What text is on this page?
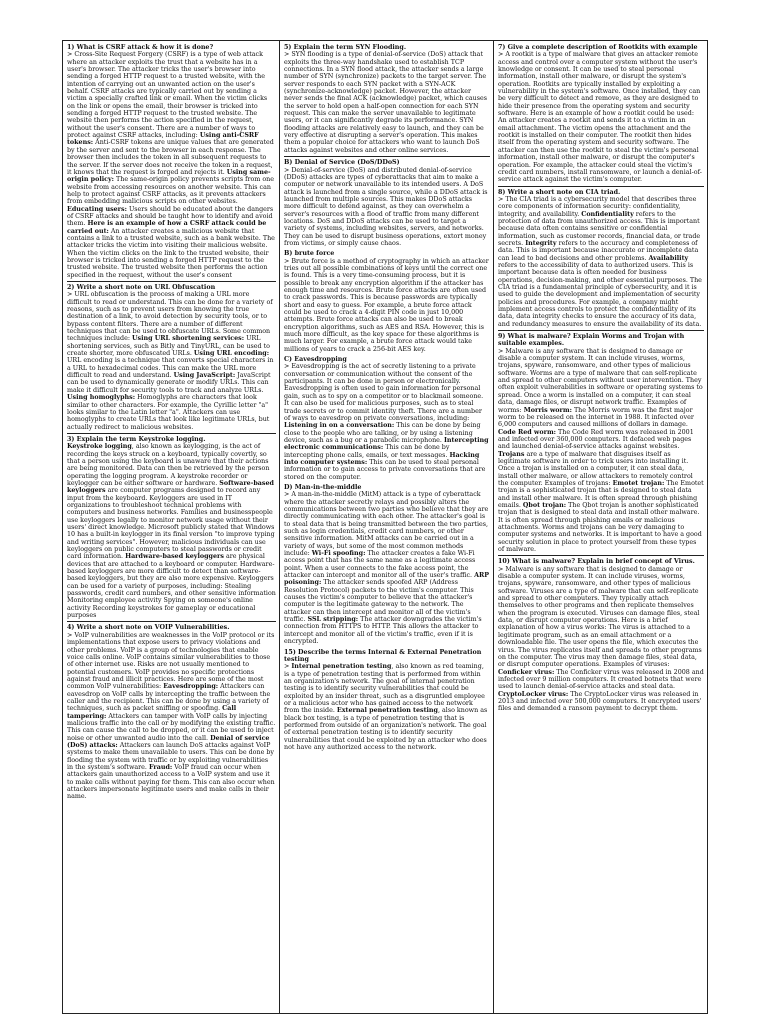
1) What is CSRF attack & how it is done?

> Cross-Site Request Forgery (CSRF) is a type of web attack where an attacker exploits the trust that a website has in a user's browser. The attacker tricks the user's browser into sending a forged HTTP request to a trusted website, with the intention of carrying out an unwanted action on the user's behalf. CSRF attacks are typically carried out by sending a victim a specially crafted link or email. When the victim clicks on the link or opens the email, their browser is tricked into sending a forged HTTP request to the trusted website. The website then performs the action specified in the request, without the user's consent. There are a number of ways to protect against CSRF attacks, including: Using anti-CSRF tokens: Anti-CSRF tokens are unique values that are generated by the server and sent to the browser in each response. The browser then includes the token in all subsequent requests to the server. If the server does not receive the token in a request, it knows that the request is forged and rejects it. Using same-origin policy: The same-origin policy prevents scripts from one website from accessing resources on another website. This can help to protect against CSRF attacks, as it prevents attackers from embedding malicious scripts on other websites. Educating users: Users should be educated about the dangers of CSRF attacks and should be taught how to identify and avoid them. Here is an example of how a CSRF attack could be carried out: An attacker creates a malicious website that contains a link to a trusted website, such as a bank website. The attacker tricks the victim into visiting their malicious website. When the victim clicks on the link to the trusted website, their browser is tricked into sending a forged HTTP request to the trusted website. The trusted website then performs the action specified in the request, without the user's consent

2) Write a short note on URL Obfuscation

> URL obfuscation is the process of making a URL more difficult to read or understand. This can be done for a variety of reasons, such as to prevent users from knowing the true destination of a link, to avoid detection by security tools, or to bypass content filters. There are a number of different techniques that can be used to obfuscate URLs. Some common techniques include: Using URL shortening services: URL shortening services, such as Bitly and TinyURL, can be used to create shorter, more obfuscated URLs. Using URL encoding: URL encoding is a technique that converts special characters in a URL to hexadecimal codes. This can make the URL more difficult to read and understand. Using JavaScript: JavaScript can be used to dynamically generate or modify URLs. This can make it difficult for security tools to track and analyze URLs. Using homoglyphs: Homoglyphs are characters that look similar to other characters. For example, the Cyrillic letter "a" looks similar to the Latin letter "a". Attackers can use homoglyphs to create URLs that look like legitimate URLs, but actually redirect to malicious websites.

3) Explain the term Keystroke logging.

Keystroke logging, also known as keylogging, is the act of recording the keys struck on a keyboard, typically covertly, so that a person using the keyboard is unaware that their actions are being monitored. Data can then be retrieved by the person operating the logging program. A keystroke recorder or keylogger can be either software or hardware. Software-based keyloggers are computer programs designed to record any input from the keyboard. Keyloggers are used in IT organizations to troubleshoot technical problems with computers and business networks. Families and businesspeople use keyloggers legally to monitor network usage without their users' direct knowledge. Microsoft publicly stated that Windows 10 has a built-in keylogger in its final version "to improve typing and writing services". However, malicious individuals can use keyloggers on public computers to steal passwords or credit card information. Hardware-based keyloggers are physical devices that are attached to a keyboard or computer. Hardware-based keyloggers are more difficult to detect than software-based keyloggers, but they are also more expensive. Keyloggers can be used for a variety of purposes, including: Stealing passwords, credit card numbers, and other sensitive information Monitoring employee activity Spying on someone's online activity Recording keystrokes for gameplay or educational purposes

4) Write a short note on VOIP Vulnerabilities.

> VoIP vulnerabilities are weaknesses in the VoIP protocol or its implementations that expose users to privacy violations and other problems. VoIP is a group of technologies that enable voice calls online. VoIP contains similar vulnerabilities to those of other internet use. Risks are not usually mentioned to potential customers. VoIP provides no specific protections against fraud and illicit practices. Here are some of the most common VoIP vulnerabilities: Eavesdropping: Attackers can eavesdrop on VoIP calls by intercepting the traffic between the caller and the recipient. This can be done by using a variety of techniques, such as packet sniffing or spoofing. Call tampering: Attackers can tamper with VoIP calls by injecting malicious traffic into the call or by modifying the existing traffic. This can cause the call to be dropped, or it can be used to inject noise or other unwanted audio into the call. Denial of service (DoS) attacks: Attackers can launch DoS attacks against VoIP systems to make them unavailable to users. This can be done by flooding the system with traffic or by exploiting vulnerabilities in the system's software. Fraud: VoIP fraud can occur when attackers gain unauthorized access to a VoIP system and use it to make calls without paying for them. This can also occur when attackers impersonate legitimate users and make calls in their name.

5) Explain the term SYN Flooding.

> SYN flooding is a type of denial-of-service (DoS) attack that exploits the three-way handshake used to establish TCP connections. In a SYN flood attack, the attacker sends a large number of SYN (synchronize) packets to the target server. The server responds to each SYN packet with a SYN-ACK (synchronize-acknowledge) packet. However, the attacker never sends the final ACK (acknowledge) packet, which causes the server to hold open a half-open connection for each SYN request. This can make the server unavailable to legitimate users, or it can significantly degrade its performance. SYN flooding attacks are relatively easy to launch, and they can be very effective at disrupting a server's operation. This makes them a popular choice for attackers who want to launch DoS attacks against websites and other online services.

B) Denial of Service (DoS/DDoS)

> Denial-of-service (DoS) and distributed denial-of-service (DDoS) attacks are types of cyberattacks that aim to make a computer or network unavailable to its intended users. A DoS attack is launched from a single source, while a DDoS attack is launched from multiple sources. This makes DDoS attacks more difficult to defend against, as they can overwhelm a server's resources with a flood of traffic from many different locations. DoS and DDoS attacks can be used to target a variety of systems, including websites, servers, and networks. They can be used to disrupt business operations, extort money from victims, or simply cause chaos.

B) brute force

> Brute force is a method of cryptography in which an attacker tries out all possible combinations of keys until the correct one is found. This is a very time-consuming process, but it is possible to break any encryption algorithm if the attacker has enough time and resources. Brute force attacks are often used to crack passwords. This is because passwords are typically short and easy to guess. For example, a brute force attack could be used to crack a 4-digit PIN code in just 10,000 attempts. Brute force attacks can also be used to break encryption algorithms, such as AES and RSA. However, this is much more difficult, as the key space for these algorithms is much larger. For example, a brute force attack would take millions of years to crack a 256-bit AES key.

C) Eavesdropping

> Eavesdropping is the act of secretly listening to a private conversation or communication without the consent of the participants. It can be done in person or electronically. Eavesdropping is often used to gain information for personal gain, such as to spy on a competitor or to blackmail someone. It can also be used for malicious purposes, such as to steal trade secrets or to commit identity theft. There are a number of ways to eavesdrop on private conversations, including: Listening in on a conversation: This can be done by being close to the people who are talking, or by using a listening device, such as a bug or a parabolic microphone. Intercepting electronic communications: This can be done by intercepting phone calls, emails, or text messages. Hacking into computer systems: This can be used to steal personal information or to gain access to private conversations that are stored on the computer.

D) Man-in-the-middle

> A man-in-the-middle (MitM) attack is a type of cyberattack where the attacker secretly relays and possibly alters the communications between two parties who believe that they are directly communicating with each other. The attacker's goal is to steal data that is being transmitted between the two parties, such as login credentials, credit card numbers, or other sensitive information. MitM attacks can be carried out in a variety of ways, but some of the most common methods include: Wi-Fi spoofing: The attacker creates a fake Wi-Fi access point that has the same name as a legitimate access point. When a user connects to the fake access point, the attacker can intercept and monitor all of the user's traffic. ARP poisoning: The attacker sends spoofed ARP (Address Resolution Protocol) packets to the victim's computer. This causes the victim's computer to believe that the attacker's computer is the legitimate gateway to the network. The attacker can then intercept and monitor all of the victim's traffic. SSL stripping: The attacker downgrades the victim's connection from HTTPS to HTTP. This allows the attacker to intercept and monitor all of the victim's traffic, even if it is encrypted.

15) Describe the terms Internal & External Penetration testing

> Internal penetration testing, also known as red teaming, is a type of penetration testing that is performed from within an organization's network. The goal of internal penetration testing is to identify security vulnerabilities that could be exploited by an insider threat, such as a disgruntled employee or a malicious actor who has gained access to the network from the inside. External penetration testing, also known as black box testing, is a type of penetration testing that is performed from outside of an organization's network. The goal of external penetration testing is to identify security vulnerabilities that could be exploited by an attacker who does not have any authorized access to the network.

7) Give a complete description of Rootkits with example

> A rootkit is a type of malware that gives an attacker remote access and control over a computer system without the user's knowledge or consent. It can be used to steal personal information, install other malware, or disrupt the system's operation. Rootkits are typically installed by exploiting a vulnerability in the system's software. Once installed, they can be very difficult to detect and remove, as they are designed to hide their presence from the operating system and security software. Here is an example of how a rootkit could be used: An attacker creates a rootkit and sends it to a victim in an email attachment. The victim opens the attachment and the rootkit is installed on their computer. The rootkit then hides itself from the operating system and security software. The attacker can then use the rootkit to steal the victim's personal information, install other malware, or disrupt the computer's operation. For example, the attacker could steal the victim's credit card numbers, install ransomware, or launch a denial-of-service attack against the victim's computer.

8) Write a short note on CIA triad.

> The CIA triad is a cybersecurity model that describes three core components of information security: confidentiality, integrity, and availability. Confidentiality refers to the protection of data from unauthorized access. This is important because data often contains sensitive or confidential information, such as customer records, financial data, or trade secrets. Integrity refers to the accuracy and completeness of data. This is important because inaccurate or incomplete data can lead to bad decisions and other problems. Availability refers to the accessibility of data to authorized users. This is important because data is often needed for business operations, decision-making, and other essential purposes. The CIA triad is a fundamental principle of cybersecurity, and it is used to guide the development and implementation of security policies and procedures. For example, a company might implement access controls to protect the confidentiality of its data, data integrity checks to ensure the accuracy of its data, and redundancy measures to ensure the availability of its data.

9) What is malware? Explain Worms and Trojan with suitable examples.

> Malware is any software that is designed to damage or disable a computer system. It can include viruses, worms, trojans, spyware, ransomware, and other types of malicious software. Worms are a type of malware that can self-replicate and spread to other computers without user intervention. They often exploit vulnerabilities in software or operating systems to spread. Once a worm is installed on a computer, it can steal data, damage files, or disrupt network traffic. Examples of worms: Morris worm: The Morris worm was the first major worm to be released on the internet in 1988. It infected over 6,000 computers and caused millions of dollars in damage. Code Red worm: The Code Red worm was released in 2001 and infected over 360,000 computers. It defaced web pages and launched denial-of-service attacks against websites. Trojans are a type of malware that disguises itself as legitimate software in order to trick users into installing it. Once a trojan is installed on a computer, it can steal data, install other malware, or allow attackers to remotely control the computer. Examples of trojans: Emotet trojan: The Emotet trojan is a sophisticated trojan that is designed to steal data and install other malware. It is often spread through phishing emails. Qbot trojan: The Qbot trojan is another sophisticated trojan that is designed to steal data and install other malware. It is often spread through phishing emails or malicious attachments. Worms and trojans can be very damaging to computer systems and networks. It is important to have a good security solution in place to protect yourself from these types of malware.

10) What is malware? Explain in brief concept of Virus.

> Malware is any software that is designed to damage or disable a computer system. It can include viruses, worms, trojans, spyware, ransomware, and other types of malicious software. Viruses are a type of malware that can self-replicate and spread to other computers. They typically attach themselves to other programs and then replicate themselves when the program is executed. Viruses can damage files, steal data, or disrupt computer operations. Here is a brief explanation of how a virus works: The virus is attached to a legitimate program, such as an email attachment or a downloadable file. The user opens the file, which executes the virus. The virus replicates itself and spreads to other programs on the computer. The virus may then damage files, steal data, or disrupt computer operations. Examples of viruses: Conficker virus: The Conficker virus was released in 2008 and infected over 9 million computers. It created botnets that were used to launch denial-of-service attacks and steal data. CryptoLocker virus: The CryptoLocker virus was released in 2013 and infected over 500,000 computers. It encrypted users' files and demanded a ransom payment to decrypt them.
